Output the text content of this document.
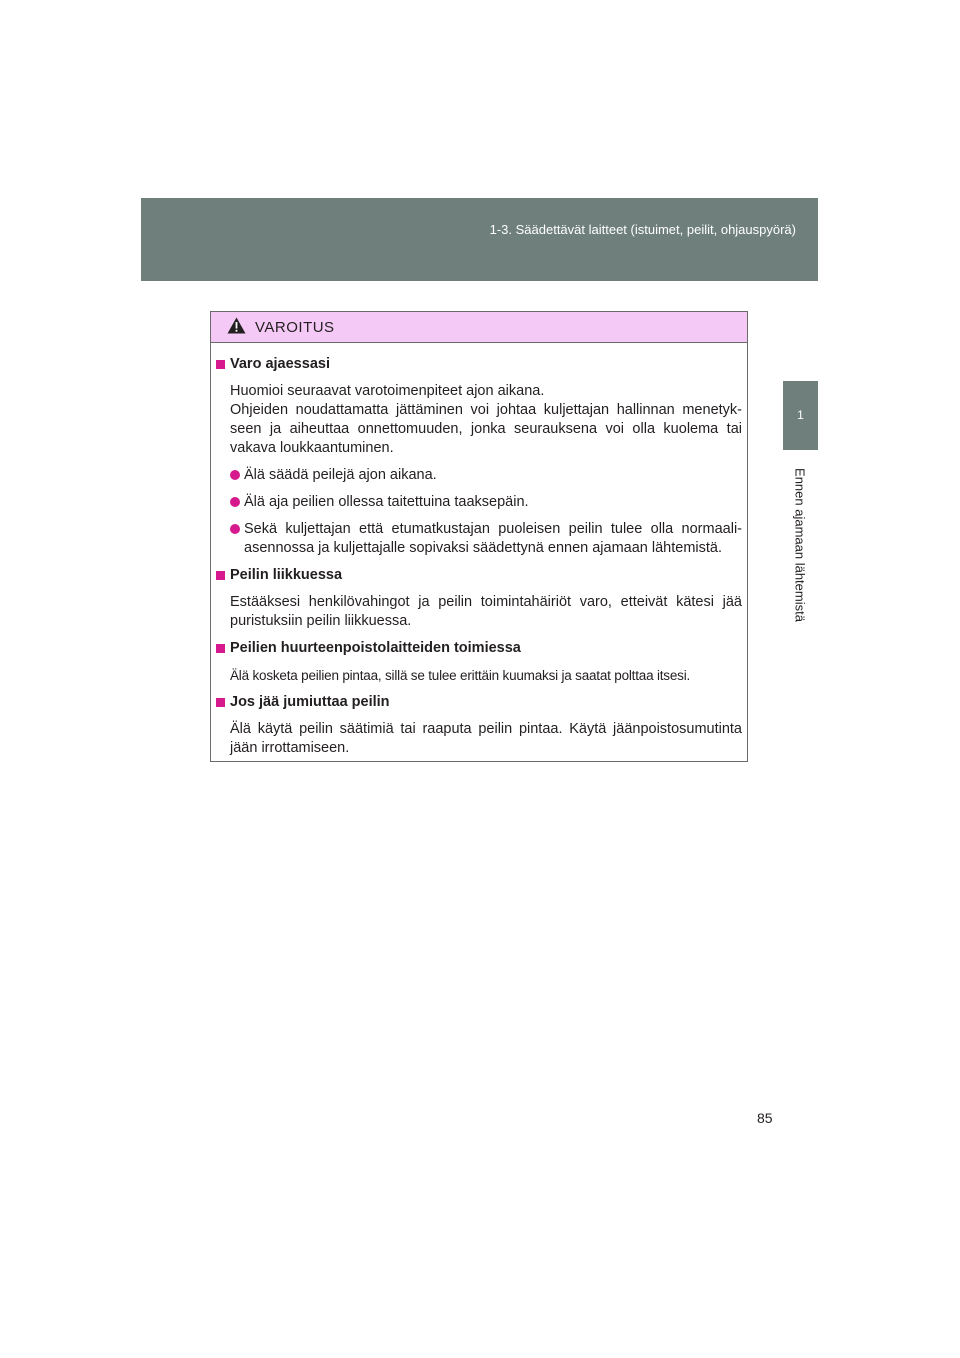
1-3. Säädettävät laitteet (istuimet, peilit, ohjauspyörä)
1
Ennen ajamaan lähtemistä
VAROITUS
Varo ajaessasi
Huomioi seuraavat varotoimenpiteet ajon aikana.
Ohjeiden noudattamatta jättäminen voi johtaa kuljettajan hallinnan menetyk-seen ja aiheuttaa onnettomuuden, jonka seurauksena voi olla kuolema tai vakava loukkaantuminen.
Älä säädä peilejä ajon aikana.
Älä aja peilien ollessa taitettuina taaksepäin.
Sekä kuljettajan että etumatkustajan puoleisen peilin tulee olla normaali-asennossa ja kuljettajalle sopivaksi säädettynä ennen ajamaan lähtemistä.
Peilin liikkuessa
Estääksesi henkilövahingot ja peilin toimintahäiriöt varo, etteivät kätesi jää puristuksiin peilin liikkuessa.
Peilien huurteenpoistolaitteiden toimiessa
Älä kosketa peilien pintaa, sillä se tulee erittäin kuumaksi ja saatat polttaa itsesi.
Jos jää jumiuttaa peilin
Älä käytä peilin säätimiä tai raaputa peilin pintaa. Käytä jäänpoistosumutinta jään irrottamiseen.
85
